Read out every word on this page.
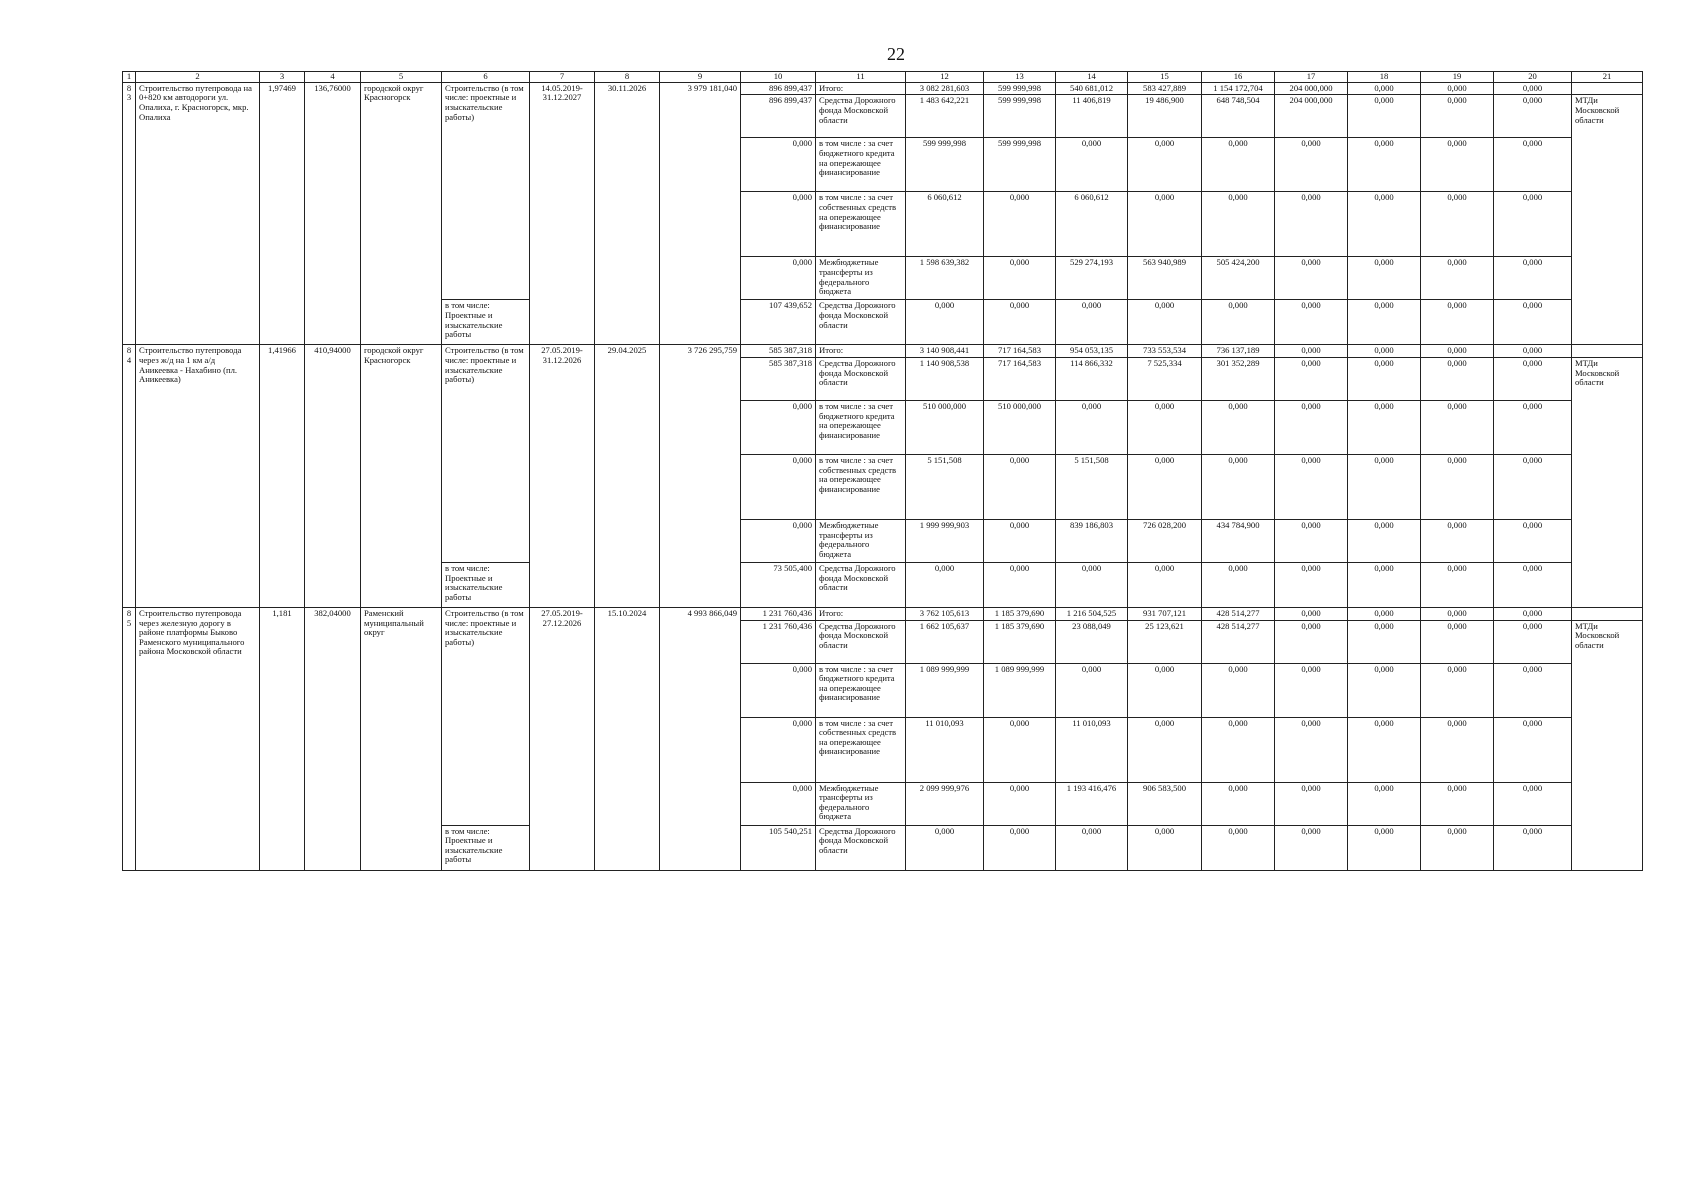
22
1	2	3	4	5	6	7	8	9	10	11	12	13	14	15	16	17	18	19	20	21
83	Строительство путепровода на 0+820 км автодороги ул. Опалиха, г. Красногорск, мкр. Опалиха	1,97469	136,76000	городской округ Красногорск	Строительство (в том числе: проектные и изыскательские работы)	14.05.2019-31.12.2027	30.11.2026	3 979 181,040	896 899,437	Итого:	3 082 281,603	599 999,998	540 681,012	583 427,889	1 154 172,704	204 000,000	0,000	0,000	0,000	
									896 899,437	Средства Дорожного фонда Московской области	1 483 642,221	599 999,998	11 406,819	19 486,900	648 748,504	204 000,000	0,000	0,000	0,000	МТДи Московской области
									0,000	в том числе : за счет бюджетного кредита на опережающее финансирование	599 999,998	599 999,998	0,000	0,000	0,000	0,000	0,000	0,000	0,000	
									0,000	в том числе : за счет собственных средств на опережающее финансирование	6 060,612	0,000	6 060,612	0,000	0,000	0,000	0,000	0,000	0,000	
									0,000	Межбюджетные трансферты из федерального бюджета	1 598 639,382	0,000	529 274,193	563 940,989	505 424,200	0,000	0,000	0,000	0,000	
					в том числе: Проектные и изыскательские работы				107 439,652	Средства Дорожного фонда Московской области	0,000	0,000	0,000	0,000	0,000	0,000	0,000	0,000	0,000	
84	Строительство путепровода через ж/д на 1 км а/д Аникеевка - Нахабино (пл. Аникеевка)	1,41966	410,94000	городской округ Красногорск	Строительство (в том числе: проектные и изыскательские работы)	27.05.2019-31.12.2026	29.04.2025	3 726 295,759	585 387,318	Итого:	3 140 908,441	717 164,583	954 053,135	733 553,534	736 137,189	0,000	0,000	0,000	0,000	
									585 387,318	Средства Дорожного фонда Московской области	1 140 908,538	717 164,583	114 866,332	7 525,334	301 352,289	0,000	0,000	0,000	0,000	МТДи Московской области
									0,000	в том числе : за счет бюджетного кредита на опережающее финансирование	510 000,000	510 000,000	0,000	0,000	0,000	0,000	0,000	0,000	0,000	
									0,000	в том числе : за счет собственных средств на опережающее финансирование	5 151,508	0,000	5 151,508	0,000	0,000	0,000	0,000	0,000	0,000	
									0,000	Межбюджетные трансферты из федерального бюджета	1 999 999,903	0,000	839 186,803	726 028,200	434 784,900	0,000	0,000	0,000	0,000	
					в том числе: Проектные и изыскательские работы				73 505,400	Средства Дорожного фонда Московской области	0,000	0,000	0,000	0,000	0,000	0,000	0,000	0,000	0,000	
85	Строительство путепровода через железную дорогу в районе платформы Быково Раменского муниципального района Московской области	1,181	382,04000	Раменский муниципальный округ	Строительство (в том числе: проектные и изыскательские работы)	27.05.2019-27.12.2026	15.10.2024	4 993 866,049	1 231 760,436	Итого:	3 762 105,613	1 185 379,690	1 216 504,525	931 707,121	428 514,277	0,000	0,000	0,000	0,000	
									1 231 760,436	Средства Дорожного фонда Московской области	1 662 105,637	1 185 379,690	23 088,049	25 123,621	428 514,277	0,000	0,000	0,000	0,000	МТДи Московской области
									0,000	в том числе : за счет бюджетного кредита на опережающее финансирование	1 089 999,999	1 089 999,999	0,000	0,000	0,000	0,000	0,000	0,000	0,000	
									0,000	в том числе : за счет собственных средств на опережающее финансирование	11 010,093	0,000	11 010,093	0,000	0,000	0,000	0,000	0,000	0,000	
									0,000	Межбюджетные трансферты из федерального бюджета	2 099 999,976	0,000	1 193 416,476	906 583,500	0,000	0,000	0,000	0,000	0,000	
					в том числе: Проектные и изыскательские работы				105 540,251	Средства Дорожного фонда Московской области	0,000	0,000	0,000	0,000	0,000	0,000	0,000	0,000	0,000	
